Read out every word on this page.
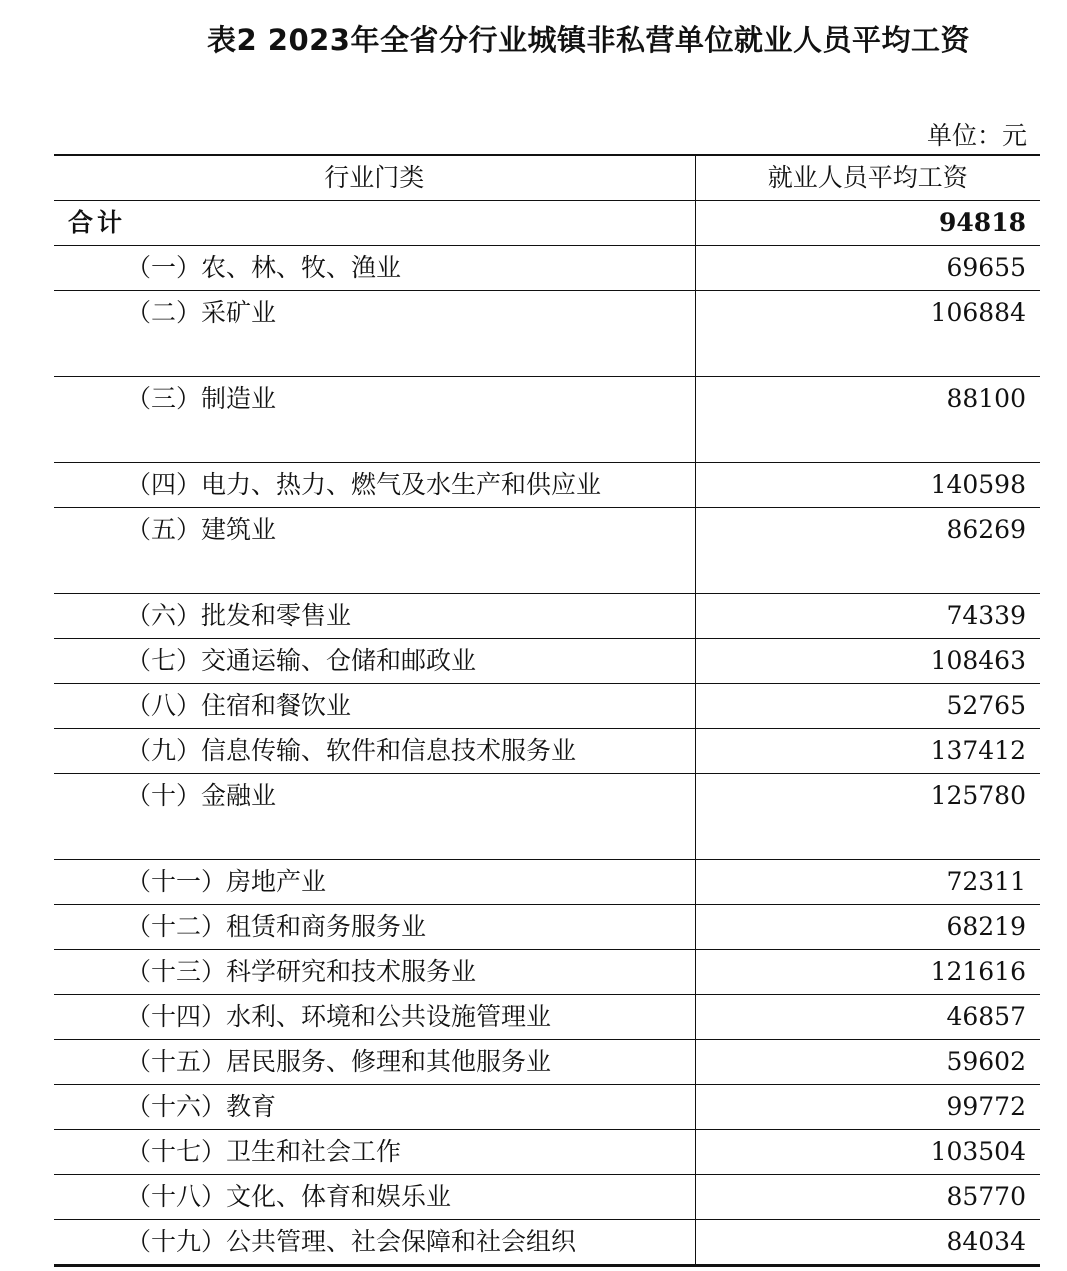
表2 2023年全省分行业城镇非私营单位就业人员平均工资
单位：元
行业门类	就业人员平均工资
合计	94818
（一）农、林、牧、渔业	69655
（二）采矿业	106884
（三）制造业	88100
（四）电力、热力、燃气及水生产和供应业	140598
（五）建筑业	86269
（六）批发和零售业	74339
（七）交通运输、仓储和邮政业	108463
（八）住宿和餐饮业	52765
（九）信息传输、软件和信息技术服务业	137412
（十）金融业	125780
（十一）房地产业	72311
（十二）租赁和商务服务业	68219
（十三）科学研究和技术服务业	121616
（十四）水利、环境和公共设施管理业	46857
（十五）居民服务、修理和其他服务业	59602
（十六）教育	99772
（十七）卫生和社会工作	103504
（十八）文化、体育和娱乐业	85770
（十九）公共管理、社会保障和社会组织	84034
